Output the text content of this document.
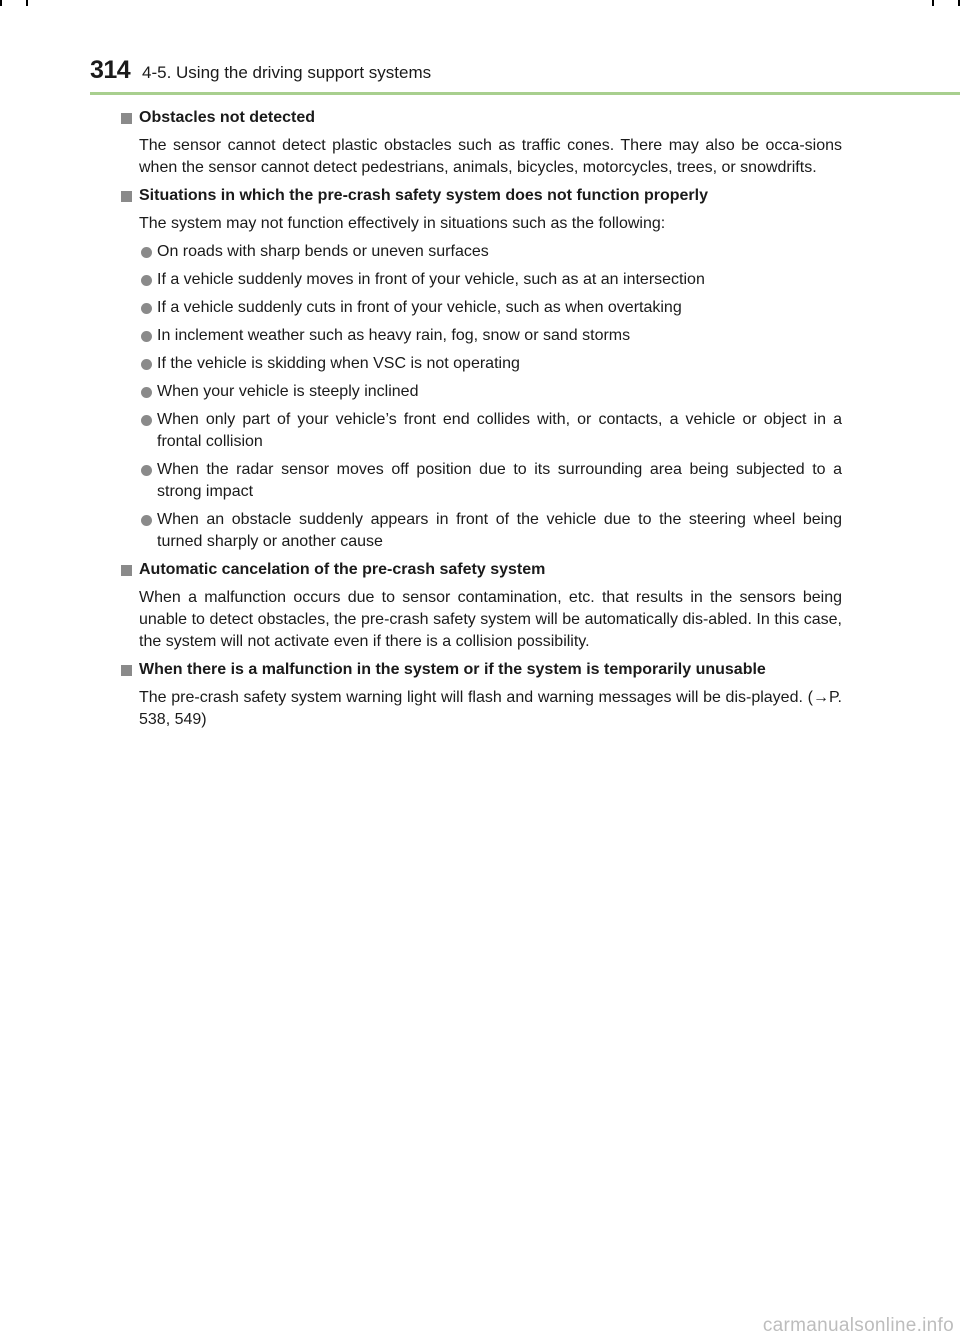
314 4-5. Using the driving support systems
Obstacles not detected
The sensor cannot detect plastic obstacles such as traffic cones. There may also be occa-sions when the sensor cannot detect pedestrians, animals, bicycles, motorcycles, trees, or snowdrifts.
Situations in which the pre-crash safety system does not function properly
The system may not function effectively in situations such as the following:
On roads with sharp bends or uneven surfaces
If a vehicle suddenly moves in front of your vehicle, such as at an intersection
If a vehicle suddenly cuts in front of your vehicle, such as when overtaking
In inclement weather such as heavy rain, fog, snow or sand storms
If the vehicle is skidding when VSC is not operating
When your vehicle is steeply inclined
When only part of your vehicle’s front end collides with, or contacts, a vehicle or object in a frontal collision
When the radar sensor moves off position due to its surrounding area being subjected to a strong impact
When an obstacle suddenly appears in front of the vehicle due to the steering wheel being turned sharply or another cause
Automatic cancelation of the pre-crash safety system
When a malfunction occurs due to sensor contamination, etc. that results in the sensors being unable to detect obstacles, the pre-crash safety system will be automatically dis-abled. In this case, the system will not activate even if there is a collision possibility.
When there is a malfunction in the system or if the system is temporarily unusable
The pre-crash safety system warning light will flash and warning messages will be dis-played. (→P. 538, 549)
carmanualsonline.info
